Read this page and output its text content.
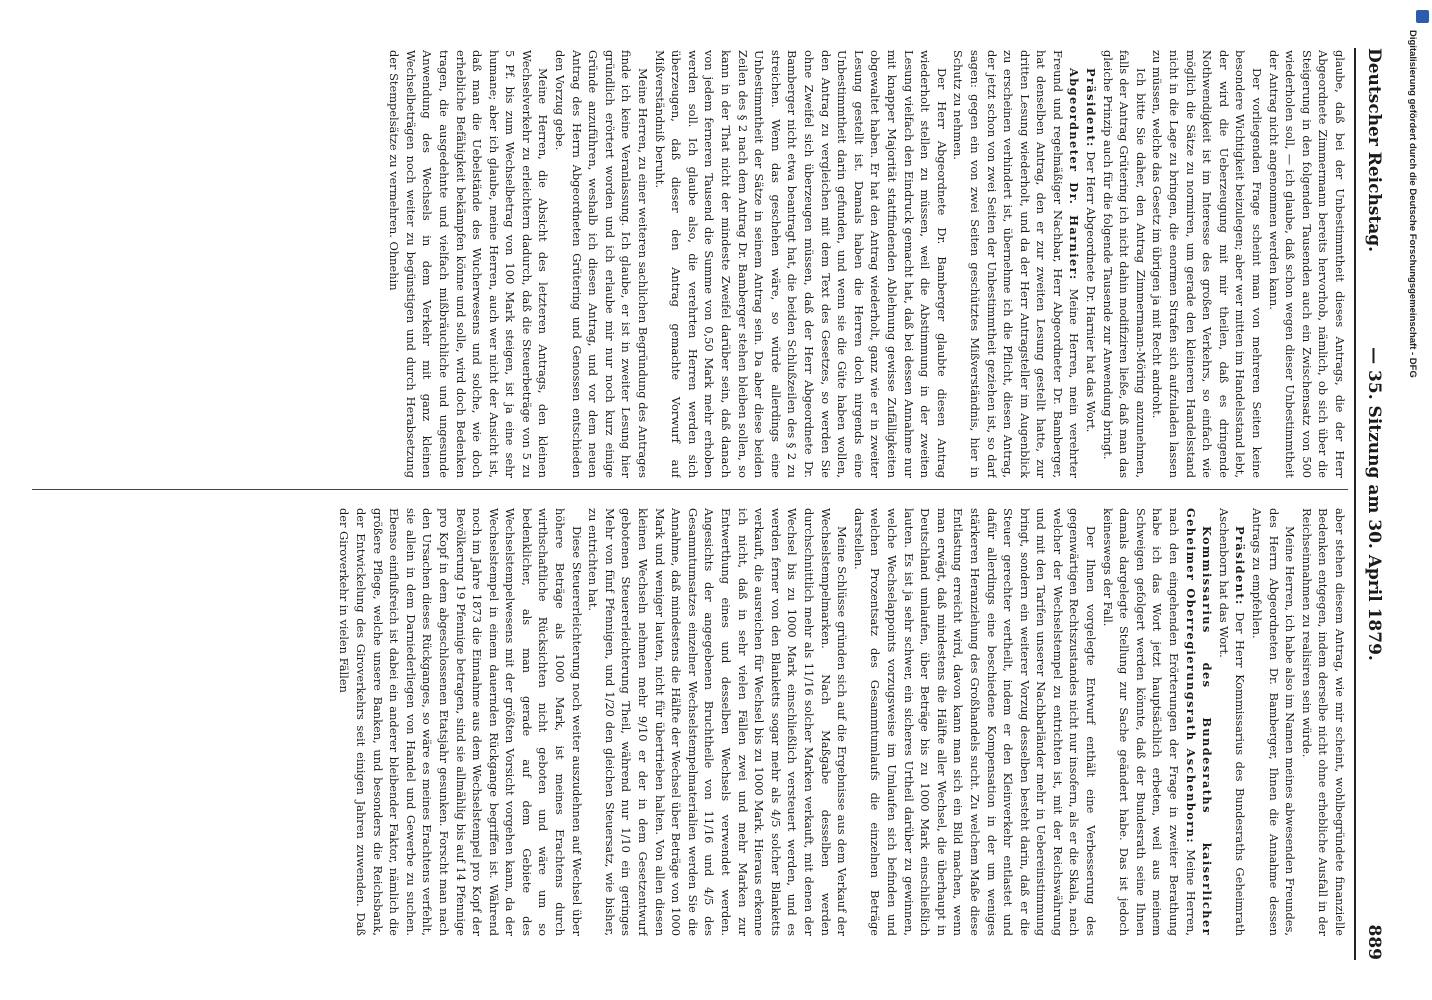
Deutscher Reichstag.
— 35. Sitzung am 30. April 1879.
889

glaube, daß bei der Unbestimmtheit dieses Antrags, die der Herr Abgeordnete Zimmermann bereits hervorhob, nämlich, ob sich über die Steigerung in den folgenden Tausenden auch ein Zwischensatz von 500 wiederholen soll, — ich glaube, daß schon wegen dieser Unbestimmtheit der Antrag nicht angenommen werden kann.

Der vorliegenden Frage scheint man von mehreren Seiten keine besondere Wichtigkeit beizulegen; aber wer mitten im Handelsstand lebt, der wird die Ueberzeugung mit mir theilen, daß es dringende Nothwendigkeit ist im Interesse des großen Verkehrs, so einfach wie möglich die Sätze zu normiren, um gerade den kleineren Handelsstand nicht in die Lage zu bringen, die enormen Strafen sich aufzuladen lassen zu müssen, welche das Gesetz im übrigen ja mit Recht androht.

Ich bitte Sie daher, den Antrag Zimmermann-Möring anzunehmen, falls der Antrag Grütering ich nicht dahin modifiziren ließe, daß man das gleiche Prinzip auch für die folgende Tausende zur Anwendung bringt.

Präsident: Der Herr Abgeordnete Dr. Harnier hat das Wort.

Abgeordneter Dr. Harnier: Meine Herren, mein verehrter Freund und regelmäßiger Nachbar, Herr Abgeordneter Dr. Bamberger, hat denselben Antrag, den er zur zweiten Lesung gestellt hatte, zur dritten Lesung wiederholt, und da der Herr Antragsteller im Augenblick zu erscheinen verhindert ist, übernehme ich die Pflicht, diesen Antrag, der jetzt schon von zwei Seiten der Unbestimmtheit geziehen ist, so darf sagen: gegen ein von zwei Seiten geschütztes Mißverständnis, hier in Schutz zu nehmen.

Der Herr Abgeordnete Dr. Bamberger glaubte diesen Antrag wiederholt stellen zu müssen, weil die Abstimmung in der zweiten Lesung vielfach den Eindruck gemacht hat, daß bei dessen Annahme nur mit knapper Majorität stattfindenden Ablehnung gewisse Zufälligkeiten obgewaltet haben. Er hat den Antrag wiederholt, ganz wie er in zweiter Lesung gestellt ist. Damals haben die Herren doch nirgends eine Unbestimmtheit darin gefunden, und wenn sie die Güte haben wollen, den Antrag zu vergleichen mit dem Text des Gesetzes, so werden Sie ohne Zweifel sich überzeugen müssen, daß der Herr Abgeordnete Dr. Bamberger nicht etwa beantragt hat, die beiden Schlußzeilen des § 2 zu streichen. Wenn das geschehen wäre, so würde allerdings eine Unbestimmtheit der Sätze in seinem Antrag sein. Da aber diese beiden Zeilen des § 2 nach dem Antrag Dr. Bamberger stehen bleiben sollen, so kann in der That nicht der mindeste Zweifel darüber sein, daß danach von jedem ferneren Tausend die Summe von 0,50 Mark mehr erhoben werden soll. Ich glaube also, die verehrten Herren werden sich überzeugen, daß dieser den Antrag gemachte Vorwurf auf Mißverständniß beruht.

Meine Herren, zu einer weiteren sachlichen Begründung des Antrages finde ich keine Veranlassung. Ich glaube, er ist in zweiter Lesung hier gründlich erörtert worden und ich erlaube mir nur noch kurz einige Gründe anzuführen, weshalb ich diesen Antrag, und vor dem neuen Antrag des Herrn Abgeordneten Grütering und Genossen entschieden den Vorzug gebe.

Meine Herren, die Absicht des letzteren Antrags, den kleinen Wechselverkehr zu erleichtern dadurch, daß die Steuerbeträge von 5 zu 5 Pf. bis zum Wechselbetrag von 100 Mark steigen, ist ja eine sehr humane; aber ich glaube, meine Herren, auch wer nicht der Ansicht ist, daß man die Uebelstände des Wucherwesens und solche, wie doch erhebliche Befähigkeit bekämpfen könne und solle, wird doch Bedenken tragen, die ausgedehnte und vielfach mißbräuchliche und ungesunde Anwendung des Wechsels in dem Verkehr mit ganz kleinen Wechselbeträgen noch weiter zu begünstigen und durch Herabsetzung der Stempelsätze zu vermehren. Ohnehin

aber stehen diesem Antrag, wie mir scheint, wohlbegründete finanzielle Bedenken entgegen, indem derselbe nicht ohne erhebliche Ausfall in der Reichseinnahmen zu realisiren sein würde.

Meine Herren, ich habe also im Namen meines abwesenden Freundes, des Herrn Abgeordneten Dr. Bamberger, Ihnen die Annahme dessen Antrags zu empfehlen.

Präsident: Der Herr Kommissarius des Bundesraths Geheimrath Aschenborn hat das Wort.

Kommissarius des Bundesraths kaiserlicher Geheimer Oberregierungsrath Aschenborn: Meine Herren, nach den eingehenden Erörterungen der Frage in zweiter Berathung habe ich das Wort jetzt hauptsächlich erbeten, weil aus meinem Schweigen gefolgert werden könnte, daß der Bundesrath seine Ihnen damals dargelegte Stellung zur Sache geändert habe. Das ist jedoch keineswegs der Fall.

Der Ihnen vorgelegte Entwurf enthält eine Verbesserung des gegenwärtigen Rechtszustandes nicht nur insofern, als er die Skala, nach welcher der Wechselstempel zu entrichten ist, mit der Reichswährung und mit den Tarifen unserer Nachbarländer mehr in Uebereinstimmung bringt, sondern ein weiterer Vorzug desselben besteht darin, daß er die Steuer gerechter vertheilt, indem er den Kleinverkehr entlastet und dafür allerdings eine beschiedene Kompensation in der um weniges stärkeren Heranziehung des Großhandels sucht. Zu welchem Maße diese Entlastung erreicht wird, davon kann man sich ein Bild machen, wenn man erwägt, daß mindestens die Hälfte aller Wechsel, die überhaupt in Deutschland umlaufen, über Beträge bis zu 1000 Mark einschließlich lauten. Es ist ja sehr schwer, ein sicheres Urtheil darüber zu gewinnen, welche Wechselappoints vorzugsweise im Umlaufen sich befinden und welchen Prozentsatz des Gesammtumlaufs die einzelnen Beträge darstellen.

Meine Schlüsse gründen sich auf die Ergebnisse aus dem Verkauf der Wechselstempelmarken. Nach Maßgabe desselben werden durchschnittlich mehr als 11/16 solcher Marken verkauft, mit denen der Wechsel bis zu 1000 Mark einschließlich versteuert werden, und es werden ferner von den Blanketts sogar mehr als 4/5 solcher Blanketts verkauft, die ausreichen für Wechsel bis zu 1000 Mark. Hieraus erkenne ich nicht, daß in sehr vielen Fällen zwei und mehr Marken zur Entwerthung eines und desselben Wechsels verwendet werden. Angesichts der angegebenen Bruchtheile von 11/16 und 4/5 des Gesammtumsatzes einzelner Wechselstempelmaterialien werden Sie die Annahme, daß mindestens die Hälfte der Wechsel über Beträge von 1000 Mark und weniger lauten, nicht für übertrieben halten. Von allen diesen kleinen Wechseln nehmen mehr 9/10 er der in dem Gesetzentwurf gebotenen Steuererleichterung Theil, während nur 1/10 ein geringes Mehr von fünf Pfennigen, und 1/20 den gleichen Steuersatz, wie bisher, zu entrichten hat.

Diese Steuererleichterung noch weiter auszudehnen auf Wechsel über höhere Beträge als 1000 Mark, ist meines Erachtens durch wirthschaftliche Rücksichten nicht geboten und wäre um so bedenklicher, als man gerade auf dem Gebiete des Wechselstempelwesens mit der größten Vorsicht vorgehen kann, da der Wechselstempel in einem dauernden Rückgange begriffen ist. Während noch im Jahre 1873 die Einnahme aus dem Wechselstempel pro Kopf der Bevölkerung 19 Pfennige betragen, sind sie allmählig bis auf 14 Pfennige pro Kopf in dem abgeschlossenen Etatsjahr gesunken. Forscht man nach den Ursachen dieses Rückganges, so wäre es meines Erachtens verfehlt, sie allein in dem Darniederliegen von Handel und Gewerbe zu suchen. Ebenso einflußreich ist dabei ein anderer bleibender Faktor, nämlich die größere Pflege, welche unsere Banken, und besonders die Reichsbank, der Entwickelung des Giroverkehrs seit einigen Jahren zuwenden. Daß der Giroverkehr in vielen Fällen

Digitalisierung gefördert durch die Deutsche Forschungsgemeinschaft - DFG
